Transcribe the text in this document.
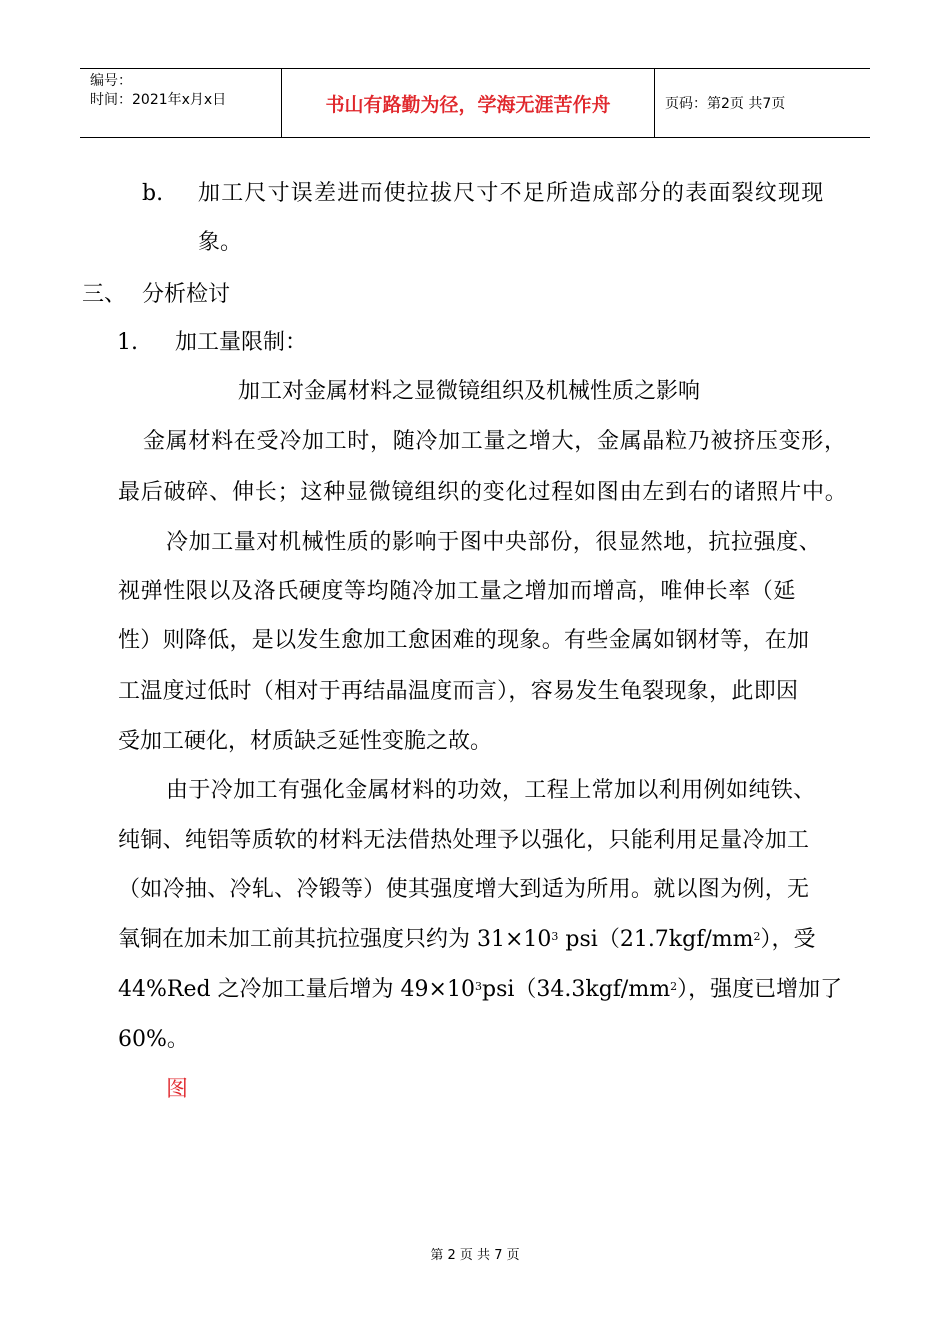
编号：
时间：2021年x月x日	书山有路勤为径，学海无涯苦作舟	页码：第2页 共7页
b. 加工尺寸误差进而使拉拔尺寸不足所造成部分的表面裂纹现现
象。
三、 分析检讨
1. 加工量限制：
加工对金属材料之显微镜组织及机械性质之影响
金属材料在受冷加工时，随冷加工量之增大，金属晶粒乃被挤压变形，
最后破碎、伸长；这种显微镜组织的变化过程如图由左到右的诸照片中。
冷加工量对机械性质的影响于图中央部份，很显然地，抗拉强度、
视弹性限以及洛氏硬度等均随冷加工量之增加而增高，唯伸长率（延
性）则降低，是以发生愈加工愈困难的现象。有些金属如钢材等，在加
工温度过低时（相对于再结晶温度而言），容易发生龟裂现象，此即因
受加工硬化，材质缺乏延性变脆之故。
由于冷加工有强化金属材料的功效，工程上常加以利用例如纯铁、
纯铜、纯铝等质软的材料无法借热处理予以强化，只能利用足量冷加工
（如冷抽、冷轧、冷锻等）使其强度增大到适为所用。就以图为例，无
氧铜在加未加工前其抗拉强度只约为 $31\times 10^3$ $psi(21.7kgf/mm^2)$，受
44%Red 之冷加工量后增为 $49\times 10^3psi(34.3kgf/mm^2)$，强度已增加了
60%。
图
第 2 页 共 7 页
